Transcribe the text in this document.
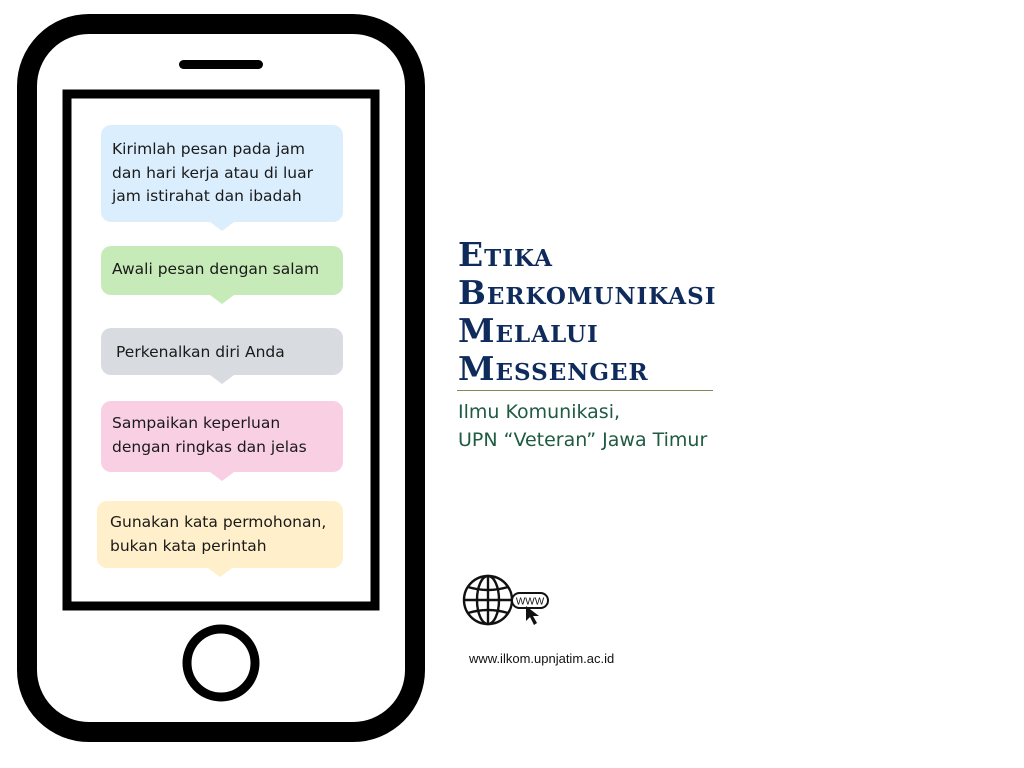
Kirimlah pesan pada jam
dan hari kerja atau di luar
jam istirahat dan ibadah
Awali pesan dengan salam
Perkenalkan diri Anda
Sampaikan keperluan
dengan ringkas dan jelas
Gunakan kata permohonan,
bukan kata perintah
Etika Berkomunikasi Melalui Messenger
Ilmu Komunikasi,
UPN “Veteran” Jawa Timur
WWW
www.ilkom.upnjatim.ac.id
